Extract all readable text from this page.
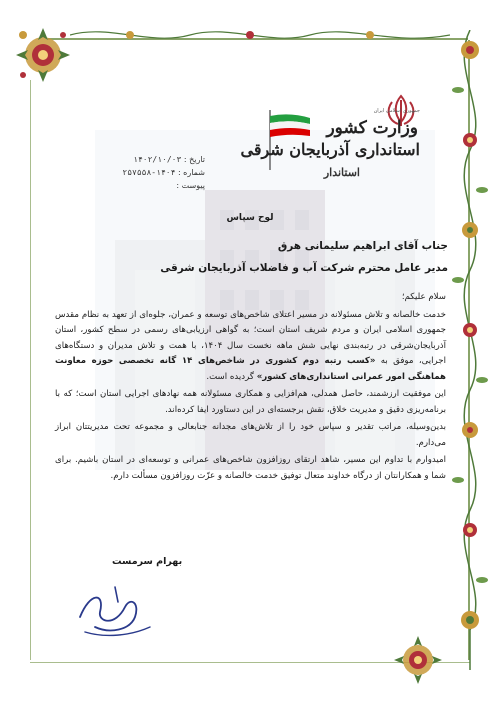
جمهوری اسلامی ایران
وزارت کشور
استانداری آذربایجان شرقی
استاندار
تاریخ : ۱۴۰۲/۱۰/۰۳
شماره : ۱۴۰۴-۲۵۷۵۵۸
پیوست :
لوح سپاس
جناب آقای ابراهیم سلیمانی هرق
مدیر عامل محترم شرکت آب و فاضلاب آذربایجان شرقی

سلام علیکم؛

خدمت خالصانه و تلاش مسئولانه در مسیر اعتلای شاخص‌های توسعه و عمران، جلوه‌ای از تعهد به نظام مقدس جمهوری اسلامی ایران و مردم شریف استان است؛ به گواهی ارزیابی‌های رسمی در سطح کشور، استان آذربایجان‌شرقی در رتبه‌بندی نهایی شش ماهه نخست سال ۱۴۰۴، با همت و تلاش مدیران و دستگاه‌های اجرایی، موفق به «کسب رتبه دوم کشوری در شاخص‌های ۱۴ گانه تخصصی حوزه معاونت هماهنگی امور عمرانی استانداری‌های کشور» گردیده است.

این موفقیت ارزشمند، حاصل همدلی، هم‌افزایی و همکاری مسئولانه همه نهادهای اجرایی استان است؛ که با برنامه‌ریزی دقیق و مدیریت خلاق، نقش برجسته‌ای در این دستاورد ایفا کرده‌اند.

بدین‌وسیله، مراتب تقدیر و سپاس خود را از تلاش‌های مجدانه جنابعالی و مجموعه تحت مدیریتتان ابراز می‌دارم.

امیدوارم با تداوم این مسیر، شاهد ارتقای روزافزون شاخص‌های عمرانی و توسعه‌ای در استان باشیم. برای شما و همکارانتان از درگاه خداوند متعال توفیق خدمت خالصانه و عزّت روزافزون مسألت دارم.

بهرام سرمست
